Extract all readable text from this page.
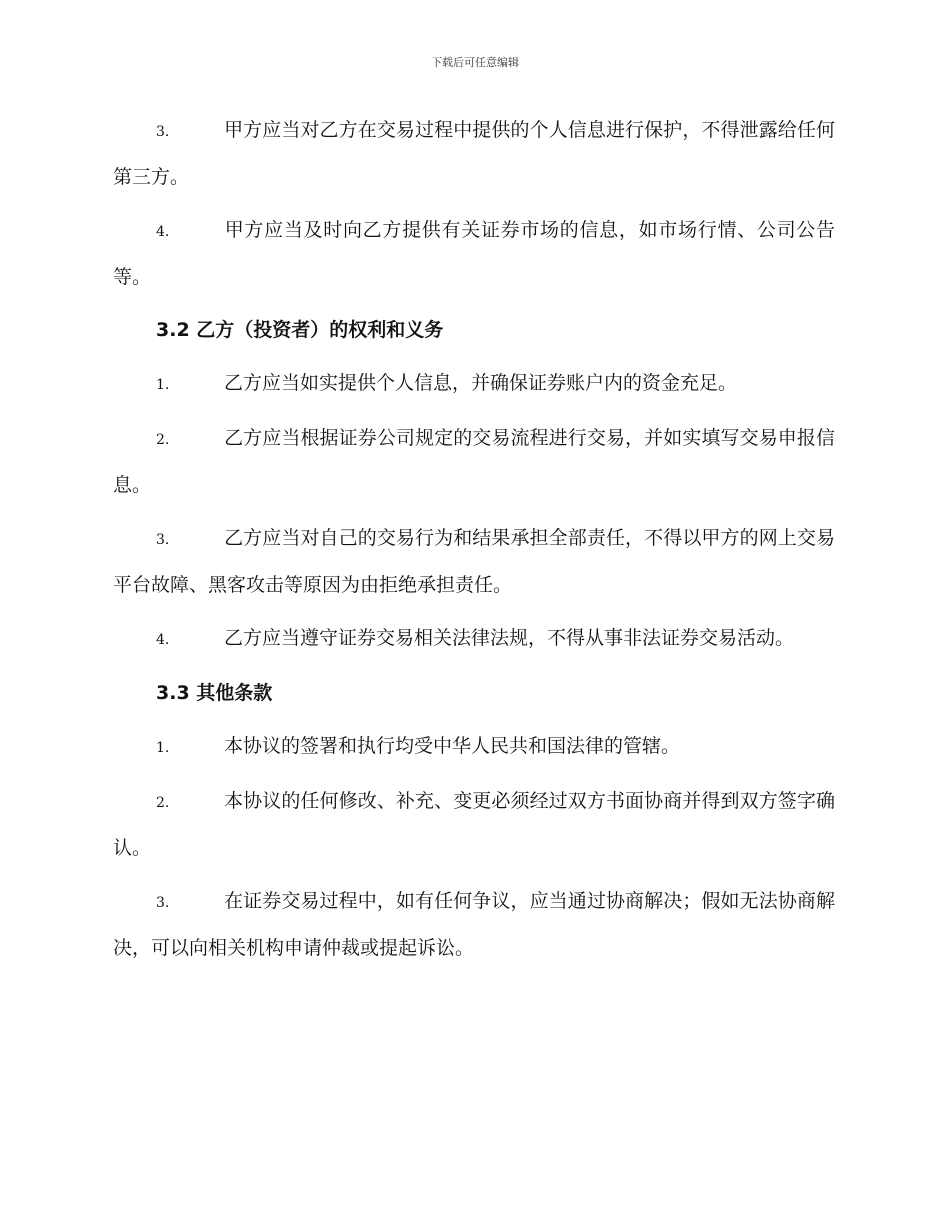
下载后可任意编辑

3.	甲方应当对乙方在交易过程中提供的个人信息进行保护，不得泄露给任何第三方。

4.	甲方应当及时向乙方提供有关证券市场的信息，如市场行情、公司公告等。

3.2 乙方（投资者）的权利和义务

1.	乙方应当如实提供个人信息，并确保证券账户内的资金充足。

2.	乙方应当根据证券公司规定的交易流程进行交易，并如实填写交易申报信息。

3.	乙方应当对自己的交易行为和结果承担全部责任，不得以甲方的网上交易平台故障、黑客攻击等原因为由拒绝承担责任。

4.	乙方应当遵守证券交易相关法律法规，不得从事非法证券交易活动。

3.3 其他条款

1.	本协议的签署和执行均受中华人民共和国法律的管辖。

2.	本协议的任何修改、补充、变更必须经过双方书面协商并得到双方签字确认。

3.	在证券交易过程中，如有任何争议，应当通过协商解决；假如无法协商解决，可以向相关机构申请仲裁或提起诉讼。
